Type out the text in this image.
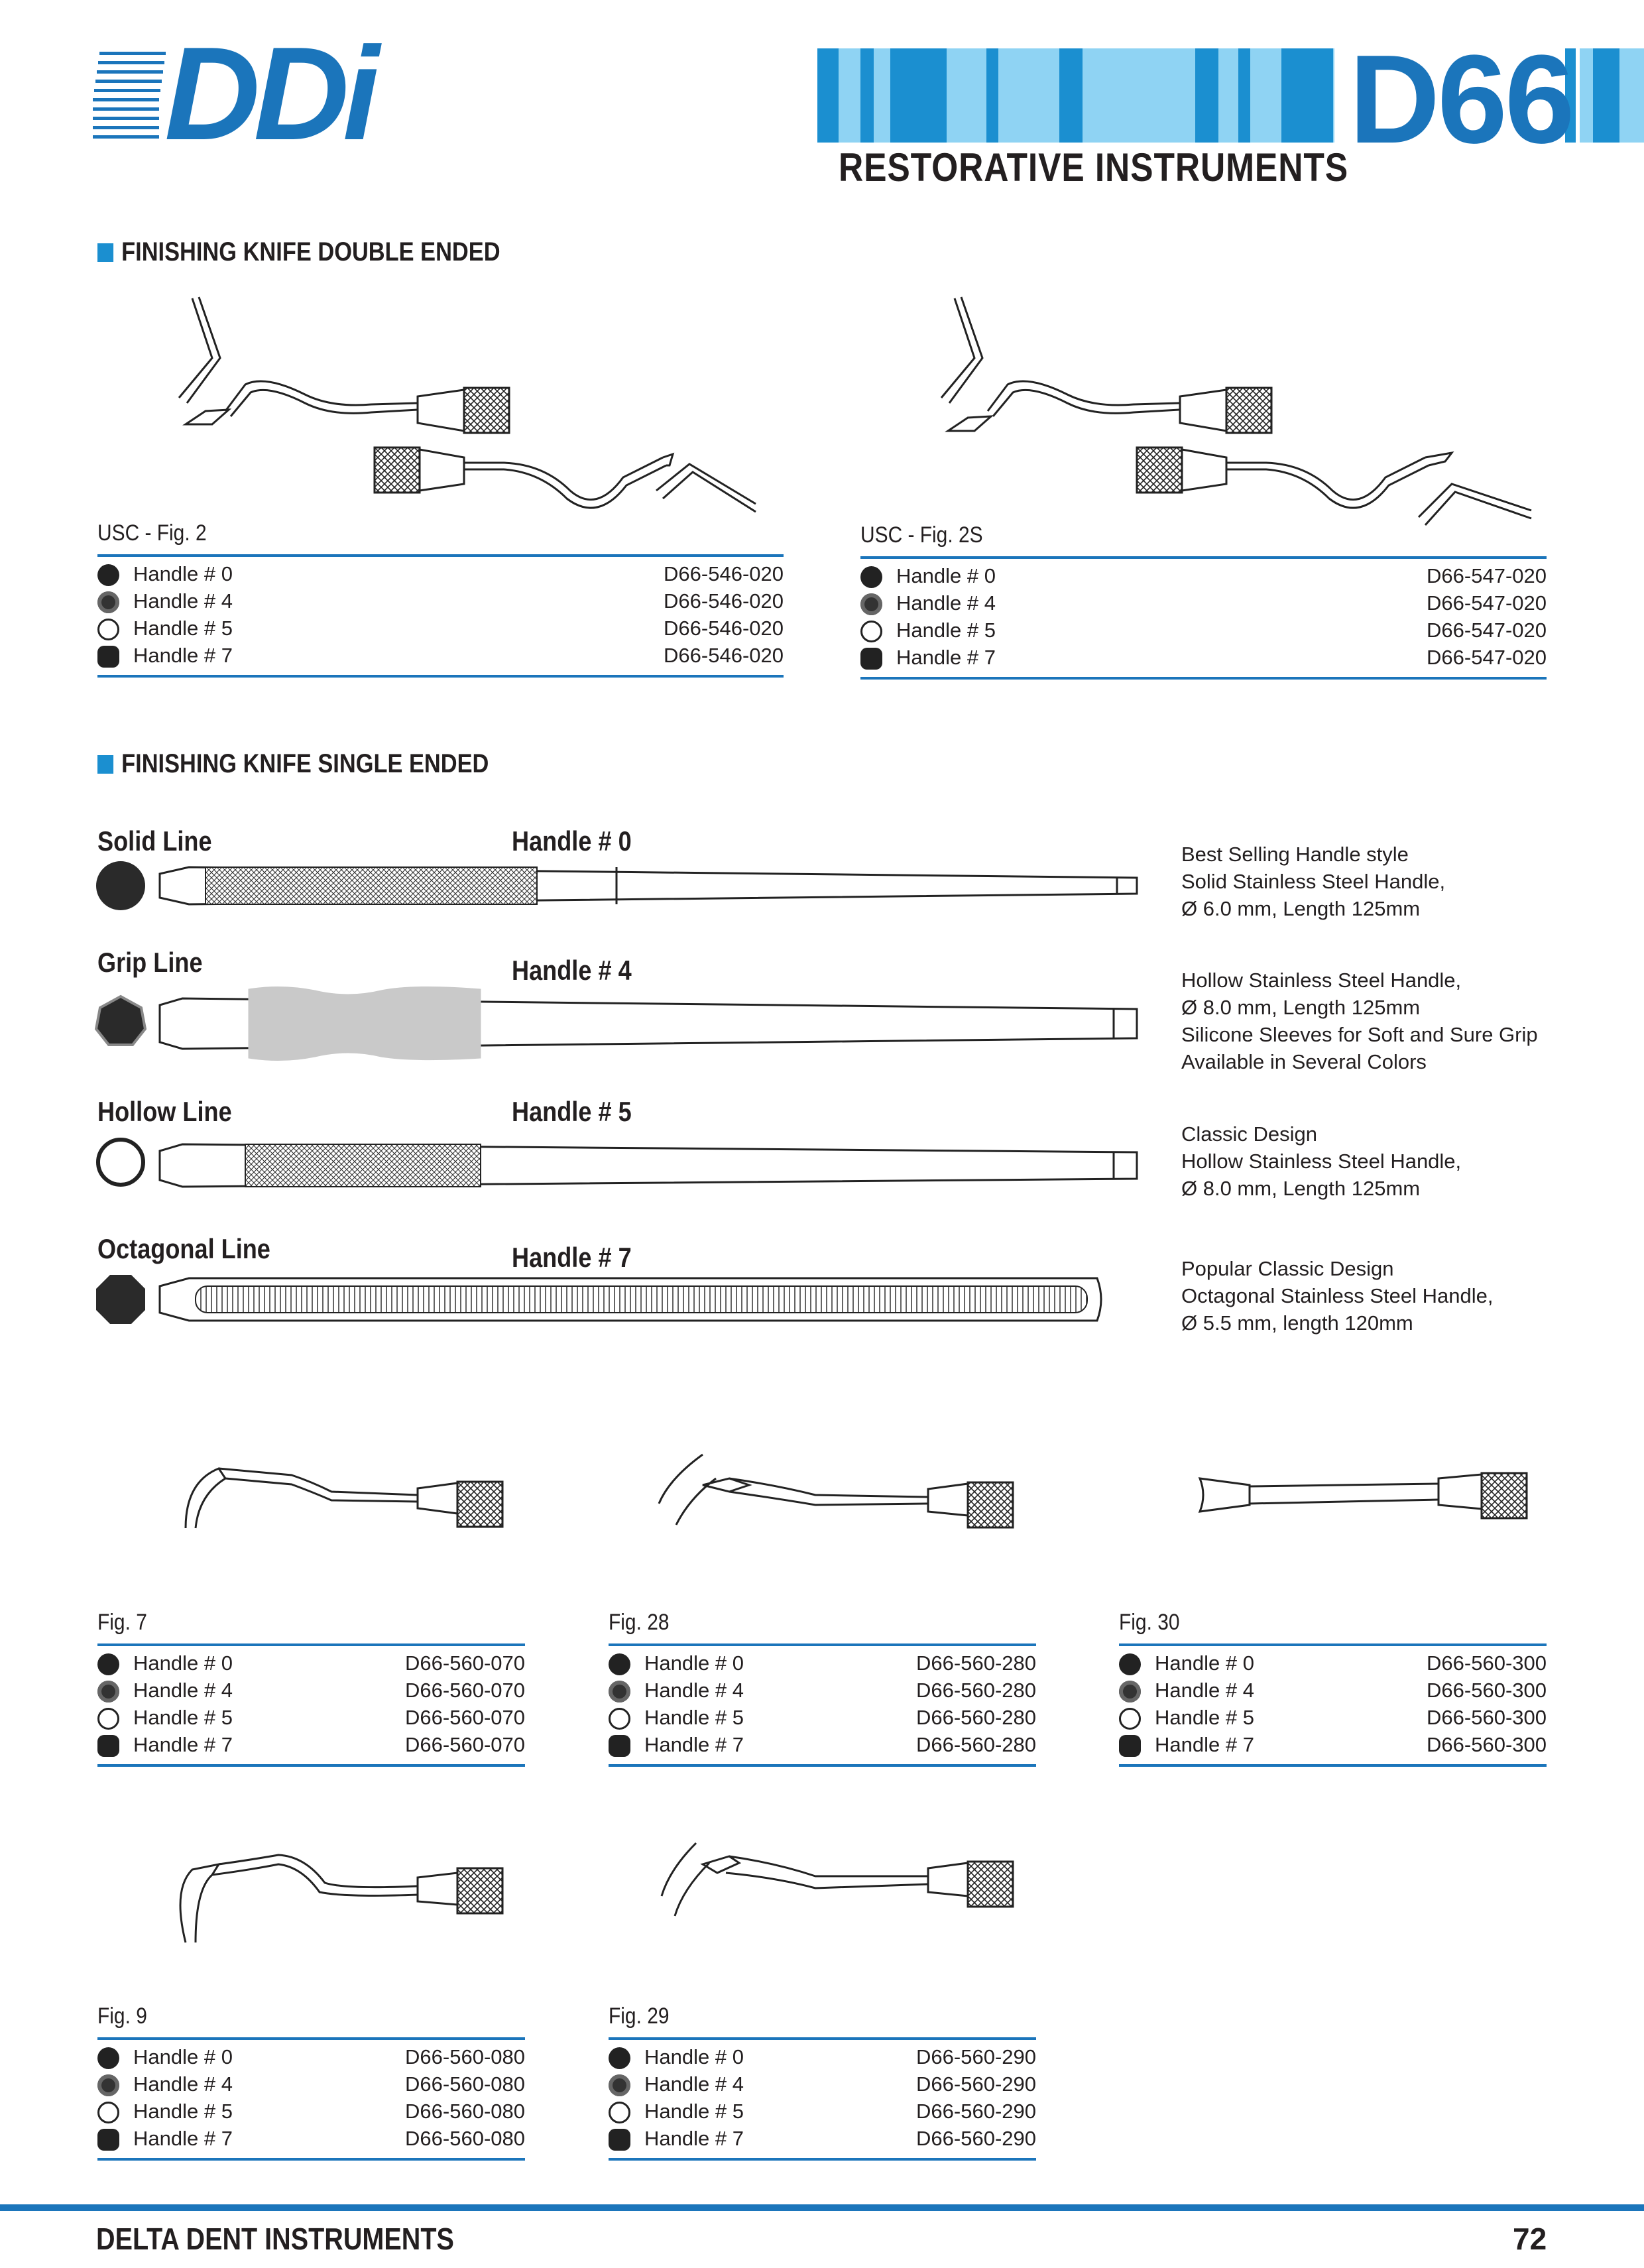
DDi	D66
RESTORATIVE INSTRUMENTS
FINISHING KNIFE DOUBLE ENDED
USC - Fig. 2
Handle # 0	D66-546-020
Handle # 4	D66-546-020
Handle # 5	D66-546-020
Handle # 7	D66-546-020
USC - Fig. 2S
Handle # 0	D66-547-020
Handle # 4	D66-547-020
Handle # 5	D66-547-020
Handle # 7	D66-547-020
FINISHING KNIFE SINGLE ENDED
Solid Line	Handle # 0	Best Selling Handle style
Solid Stainless Steel Handle,
Ø 6.0 mm, Length 125mm
Grip Line	Handle # 4	Hollow Stainless Steel Handle,
Ø 8.0 mm, Length 125mm
Silicone Sleeves for Soft and Sure Grip
Available in Several Colors
Hollow Line	Handle # 5
Classic Design
Hollow Stainless Steel Handle,
Ø 8.0 mm, Length 125mm
Octagonal Line	Handle # 7	Popular Classic Design
Octagonal Stainless Steel Handle,
Ø 5.5 mm, length 120mm
Fig. 7
Handle # 0	D66-560-070
Handle # 4	D66-560-070
Handle # 5	D66-560-070
Handle # 7	D66-560-070
Fig. 28
Handle # 0	D66-560-280
Handle # 4	D66-560-280
Handle # 5	D66-560-280
Handle # 7	D66-560-280
Fig. 30
Handle # 0	D66-560-300
Handle # 4	D66-560-300
Handle # 5	D66-560-300
Handle # 7	D66-560-300
Fig. 9
Handle # 0	D66-560-080
Handle # 4	D66-560-080
Handle # 5	D66-560-080
Handle # 7	D66-560-080
Fig. 29
Handle # 0	D66-560-290
Handle # 4	D66-560-290
Handle # 5	D66-560-290
Handle # 7	D66-560-290
DELTA DENT INSTRUMENTS	72
